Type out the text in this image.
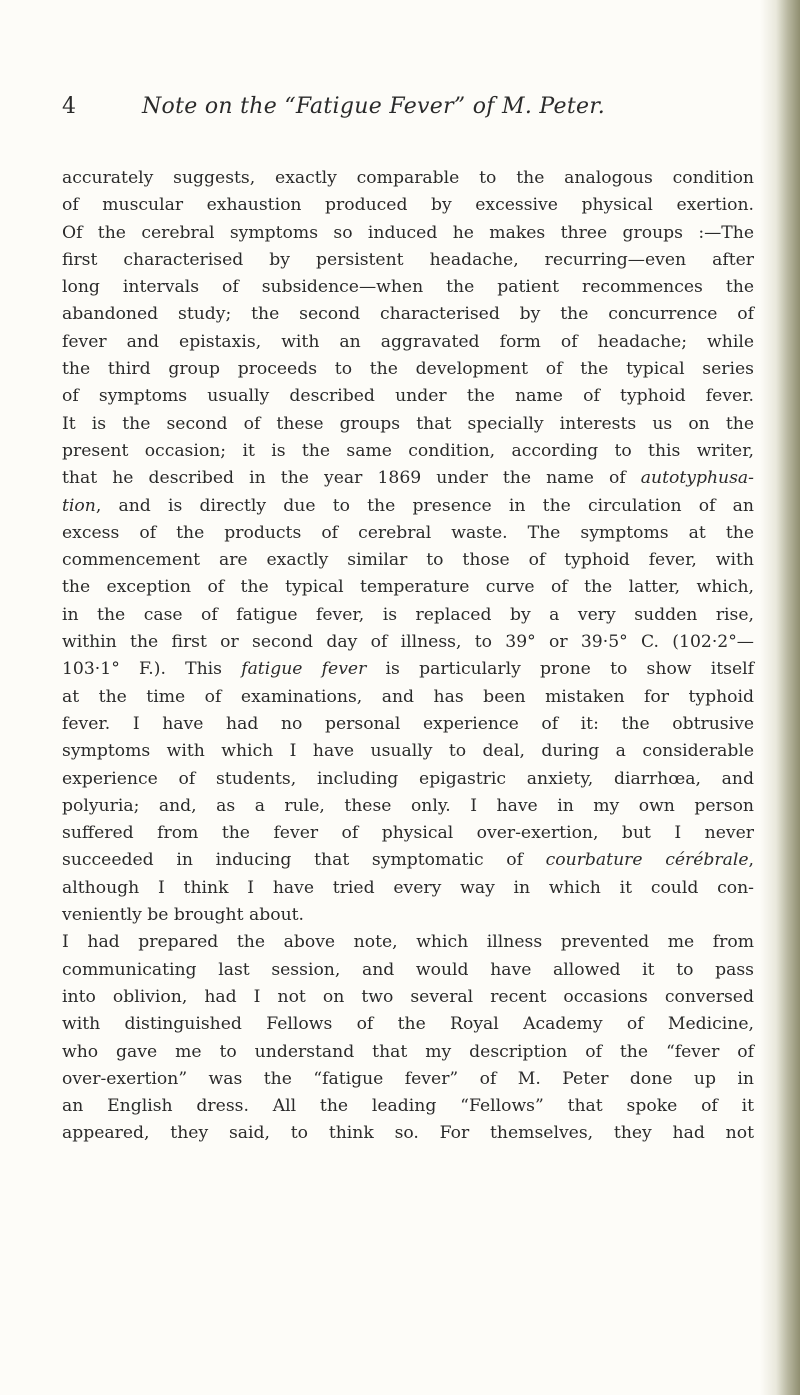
4	Note on the “Fatigue Fever” of M. Peter.
accurately suggests, exactly comparable to the analogous condition
of muscular exhaustion produced by excessive physical exertion.
Of the cerebral symptoms so induced he makes three groups :—The
first characterised by persistent headache, recurring—even after
long intervals of subsidence—when the patient recommences the
abandoned study; the second characterised by the concurrence of
fever and epistaxis, with an aggravated form of headache; while
the third group proceeds to the development of the typical series
of symptoms usually described under the name of typhoid fever.
It is the second of these groups that specially interests us on the
present occasion; it is the same condition, according to this writer,
that he described in the year 1869 under the name of autotyphusa-
tion, and is directly due to the presence in the circulation of an
excess of the products of cerebral waste. The symptoms at the
commencement are exactly similar to those of typhoid fever, with
the exception of the typical temperature curve of the latter, which,
in the case of fatigue fever, is replaced by a very sudden rise,
within the first or second day of illness, to 39° or 39·5° C. (102·2°—
103·1° F.). This fatigue fever is particularly prone to show itself
at the time of examinations, and has been mistaken for typhoid
fever. I have had no personal experience of it: the obtrusive
symptoms with which I have usually to deal, during a considerable
experience of students, including epigastric anxiety, diarrhœa, and
polyuria; and, as a rule, these only. I have in my own person
suffered from the fever of physical over-exertion, but I never
succeeded in inducing that symptomatic of courbature cérébrale,
although I think I have tried every way in which it could con-
veniently be brought about.
I had prepared the above note, which illness prevented me from
communicating last session, and would have allowed it to pass
into oblivion, had I not on two several recent occasions conversed
with distinguished Fellows of the Royal Academy of Medicine,
who gave me to understand that my description of the “fever of
over-exertion” was the “fatigue fever” of M. Peter done up in
an English dress. All the leading “Fellows” that spoke of it
appeared, they said, to think so. For themselves, they had not
